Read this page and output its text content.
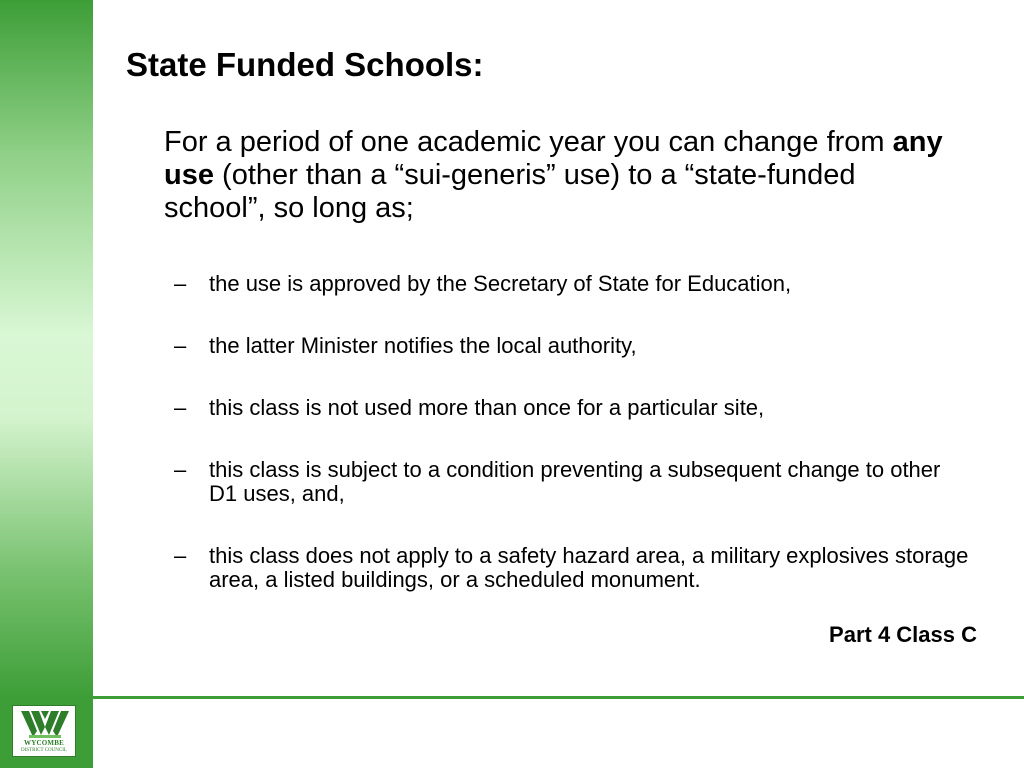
WYCOMBE
DISTRICT COUNCIL
State Funded Schools:

For a period of one academic year you can change from any use (other than a “sui-generis” use) to a “state-funded school”, so long as;

– the use is approved by the Secretary of State for Education,
– the latter Minister notifies the local authority,
– this class is not used more than once for a particular site,
– this class is subject to a condition preventing a subsequent change to other D1 uses, and,
– this class does not apply to a safety hazard area, a military explosives storage area, a listed buildings, or a scheduled monument.
Part 4 Class C
